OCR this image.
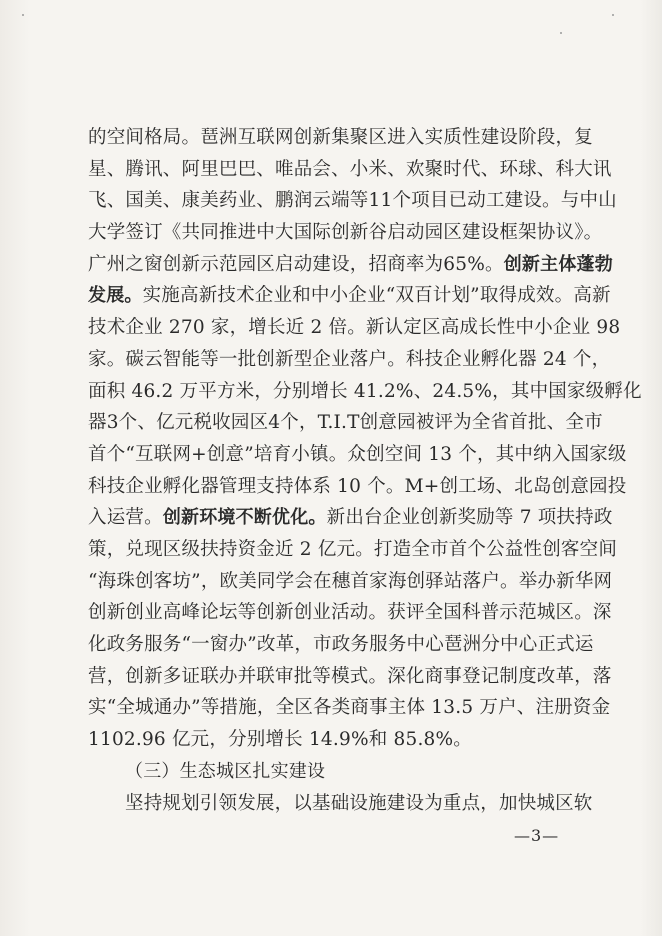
的空间格局。琶洲互联网创新集聚区进入实质性建设阶段，复
星、腾讯、阿里巴巴、唯品会、小米、欢聚时代、环球、科大讯
飞、国美、康美药业、鹏润云端等11个项目已动工建设。与中山
大学签订《共同推进中大国际创新谷启动园区建设框架协议》。
广州之窗创新示范园区启动建设，招商率为65%。创新主体蓬勃
发展。实施高新技术企业和中小企业“双百计划”取得成效。高新
技术企业 270 家，增长近 2 倍。新认定区高成长性中小企业 98
家。碳云智能等一批创新型企业落户。科技企业孵化器 24 个，
面积 46.2 万平方米，分别增长 41.2%、24.5%，其中国家级孵化
器3个、亿元税收园区4个，T.I.T创意园被评为全省首批、全市
首个“互联网+创意”培育小镇。众创空间 13 个，其中纳入国家级
科技企业孵化器管理支持体系 10 个。M+创工场、北岛创意园投
入运营。创新环境不断优化。新出台企业创新奖励等 7 项扶持政
策，兑现区级扶持资金近 2 亿元。打造全市首个公益性创客空间
“海珠创客坊”，欧美同学会在穗首家海创驿站落户。举办新华网
创新创业高峰论坛等创新创业活动。获评全国科普示范城区。深
化政务服务“一窗办”改革，市政务服务中心琶洲分中心正式运
营，创新多证联办并联审批等模式。深化商事登记制度改革，落
实“全城通办”等措施，全区各类商事主体 13.5 万户、注册资金
1102.96 亿元，分别增长 14.9%和 85.8%。
（三）生态城区扎实建设
坚持规划引领发展，以基础设施建设为重点，加快城区软
—3—
